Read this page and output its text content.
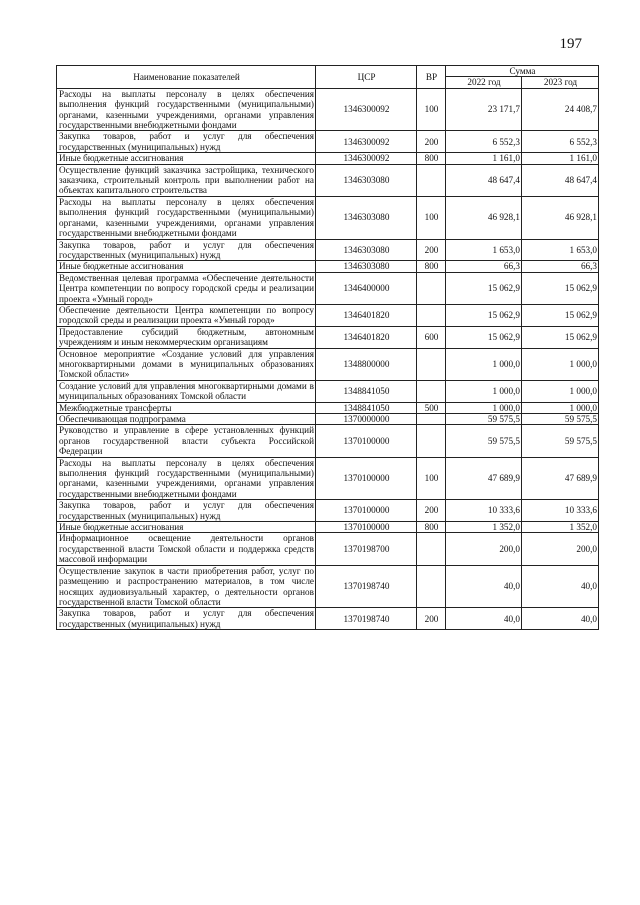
197
Наименование показателей	ЦСР	ВР	Сумма	
			2022 год	2023 год
Расходы на выплаты персоналу в целях обеспечения выполнения функций государственными (муниципальными) органами, казенными учреждениями, органами управления государственными внебюджетными фондами	1346300092	100	23 171,7	24 408,7
Закупка товаров, работ и услуг для обеспечения государственных (муниципальных) нужд	1346300092	200	6 552,3	6 552,3
Иные бюджетные ассигнования	1346300092	800	1 161,0	1 161,0
Осуществление функций заказчика застройщика, технического заказчика, строительный контроль при выполнении работ на объектах капитального строительства	1346303080		48 647,4	48 647,4
Расходы на выплаты персоналу в целях обеспечения выполнения функций государственными (муниципальными) органами, казенными учреждениями, органами управления государственными внебюджетными фондами	1346303080	100	46 928,1	46 928,1
Закупка товаров, работ и услуг для обеспечения государственных (муниципальных) нужд	1346303080	200	1 653,0	1 653,0
Иные бюджетные ассигнования	1346303080	800	66,3	66,3
Ведомственная целевая программа «Обеспечение деятельности Центра компетенции по вопросу городской среды и реализации проекта «Умный город»	1346400000		15 062,9	15 062,9
Обеспечение деятельности Центра компетенции по вопросу городской среды и реализации проекта «Умный город»	1346401820		15 062,9	15 062,9
Предоставление субсидий бюджетным, автономным учреждениям и иным некоммерческим организациям	1346401820	600	15 062,9	15 062,9
Основное мероприятие «Создание условий для управления многоквартирными домами в муниципальных образованиях Томской области»	1348800000		1 000,0	1 000,0
Создание условий для управления многоквартирными домами в муниципальных образованиях Томской области	1348841050		1 000,0	1 000,0
Межбюджетные трансферты	1348841050	500	1 000,0	1 000,0
Обеспечивающая подпрограмма	1370000000		59 575,5	59 575,5
Руководство и управление в сфере установленных функций органов государственной власти субъекта Российской Федерации	1370100000		59 575,5	59 575,5
Расходы на выплаты персоналу в целях обеспечения выполнения функций государственными (муниципальными) органами, казенными учреждениями, органами управления государственными внебюджетными фондами	1370100000	100	47 689,9	47 689,9
Закупка товаров, работ и услуг для обеспечения государственных (муниципальных) нужд	1370100000	200	10 333,6	10 333,6
Иные бюджетные ассигнования	1370100000	800	1 352,0	1 352,0
Информационное освещение деятельности органов государственной власти Томской области и поддержка средств массовой информации	1370198700		200,0	200,0
Осуществление закупок в части приобретения работ, услуг по размещению и распространению материалов, в том числе носящих аудиовизуальный характер, о деятельности органов государственной власти Томской области	1370198740		40,0	40,0
Закупка товаров, работ и услуг для обеспечения государственных (муниципальных) нужд	1370198740	200	40,0	40,0
